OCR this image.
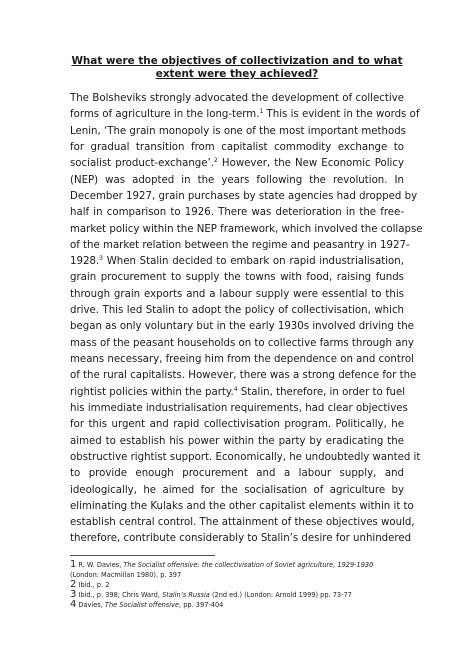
What were the objectives of collectivization and to what
extent were they achieved?
The Bolsheviks strongly advocated the development of collective
forms of agriculture in the long-term.$^1$ This is evident in the words of
Lenin, ‘The grain monopoly is one of the most important methods
for gradual transition from capitalist commodity exchange to
socialist product-exchange’.$^2$ However, the New Economic Policy
(NEP) was adopted in the years following the revolution. In
December 1927, grain purchases by state agencies had dropped by
half in comparison to 1926. There was deterioration in the free-
market policy within the NEP framework, which involved the collapse
of the market relation between the regime and peasantry in 1927-
1928.$^3$ When Stalin decided to embark on rapid industrialisation,
grain procurement to supply the towns with food, raising funds
through grain exports and a labour supply were essential to this
drive. This led Stalin to adopt the policy of collectivisation, which
began as only voluntary but in the early 1930s involved driving the
mass of the peasant households on to collective farms through any
means necessary, freeing him from the dependence on and control
of the rural capitalists. However, there was a strong defence for the
rightist policies within the party.$^4$ Stalin, therefore, in order to fuel
his immediate industrialisation requirements, had clear objectives
for this urgent and rapid collectivisation program. Politically, he
aimed to establish his power within the party by eradicating the
obstructive rightist support. Economically, he undoubtedly wanted it
to provide enough procurement and a labour supply, and
ideologically, he aimed for the socialisation of agriculture by
eliminating the Kulaks and the other capitalist elements within it to
establish central control. The attainment of these objectives would,
therefore, contribute considerably to Stalin’s desire for unhindered
1 R. W. Davies, The Socialist offensive: the collectivisation of Soviet agriculture, 1929-1930
(London: Macmillan 1980), p. 397
2 Ibid., p. 2
3 Ibid., p. 398; Chris Ward, Stalin’s Russia (2nd ed.) (London: Arnold 1999) pp. 73-77
4 Davies, The Socialist offensive, pp. 397-404
